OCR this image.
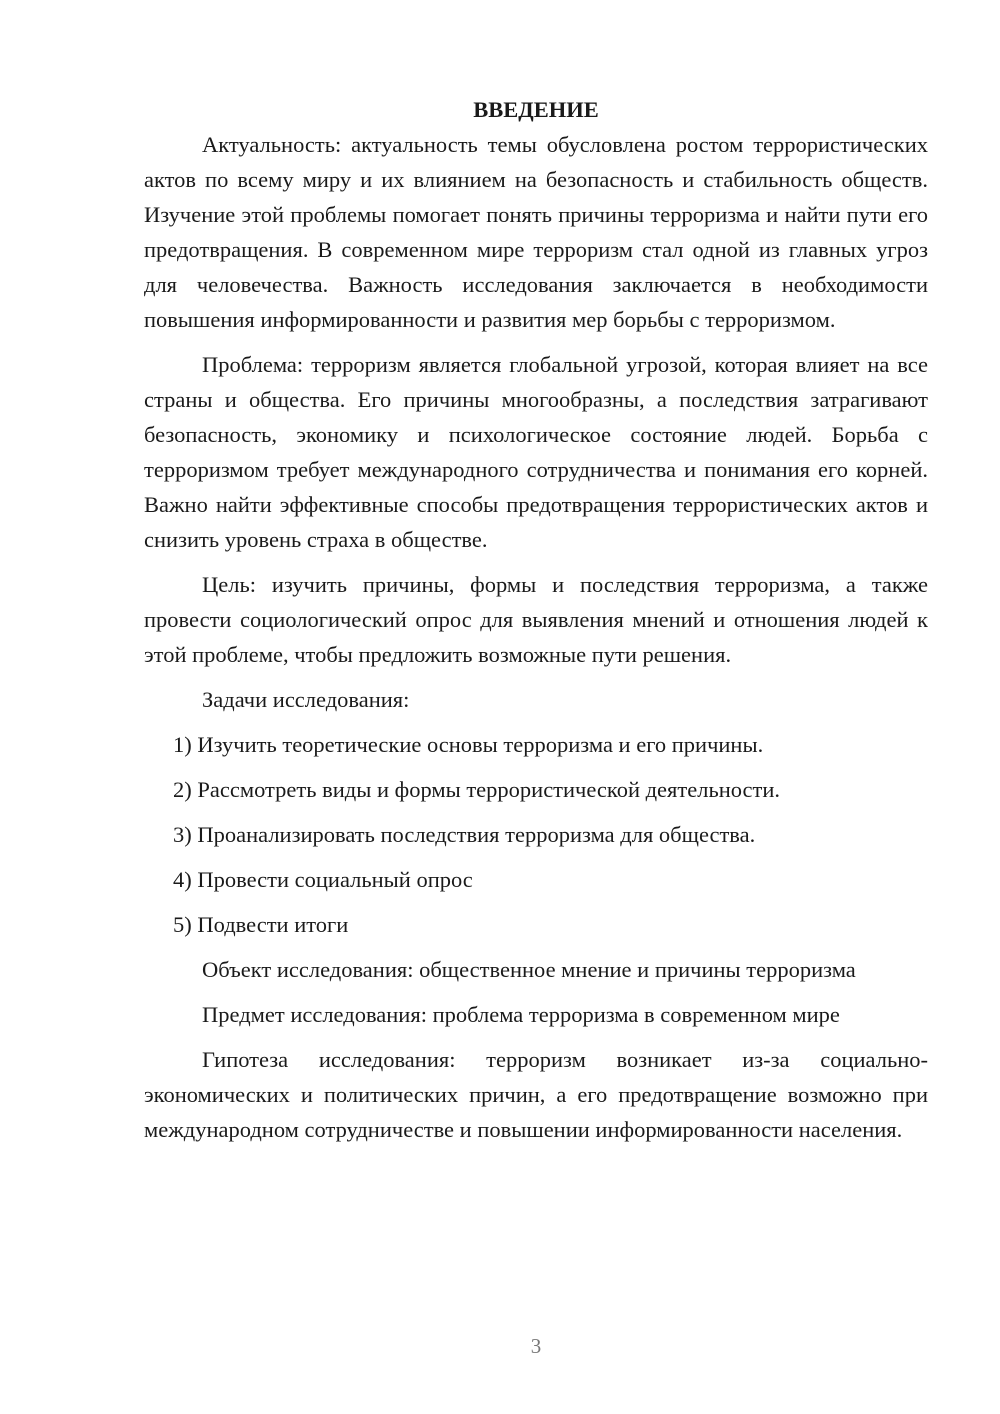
ВВЕДЕНИЕ

Актуальность: актуальность темы обусловлена ростом террористических актов по всему миру и их влиянием на безопасность и стабильность обществ. Изучение этой проблемы помогает понять причины терроризма и найти пути его предотвращения. В современном мире терроризм стал одной из главных угроз для человечества. Важность исследования заключается в необходимости повышения информированности и развития мер борьбы с терроризмом.

Проблема: терроризм является глобальной угрозой, которая влияет на все страны и общества. Его причины многообразны, а последствия затрагивают безопасность, экономику и психологическое состояние людей. Борьба с терроризмом требует международного сотрудничества и понимания его корней. Важно найти эффективные способы предотвращения террористических актов и снизить уровень страха в обществе.

Цель: изучить причины, формы и последствия терроризма, а также провести социологический опрос для выявления мнений и отношения людей к этой проблеме, чтобы предложить возможные пути решения.

Задачи исследования:

1) Изучить теоретические основы терроризма и его причины.
2) Рассмотреть виды и формы террористической деятельности.
3) Проанализировать последствия терроризма для общества.
4) Провести социальный опрос
5) Подвести итоги

Объект исследования: общественное мнение и причины терроризма

Предмет исследования: проблема терроризма в современном мире

Гипотеза исследования: терроризм возникает из-за социально-экономических и политических причин, а его предотвращение возможно при международном сотрудничестве и повышении информированности населения.

3
